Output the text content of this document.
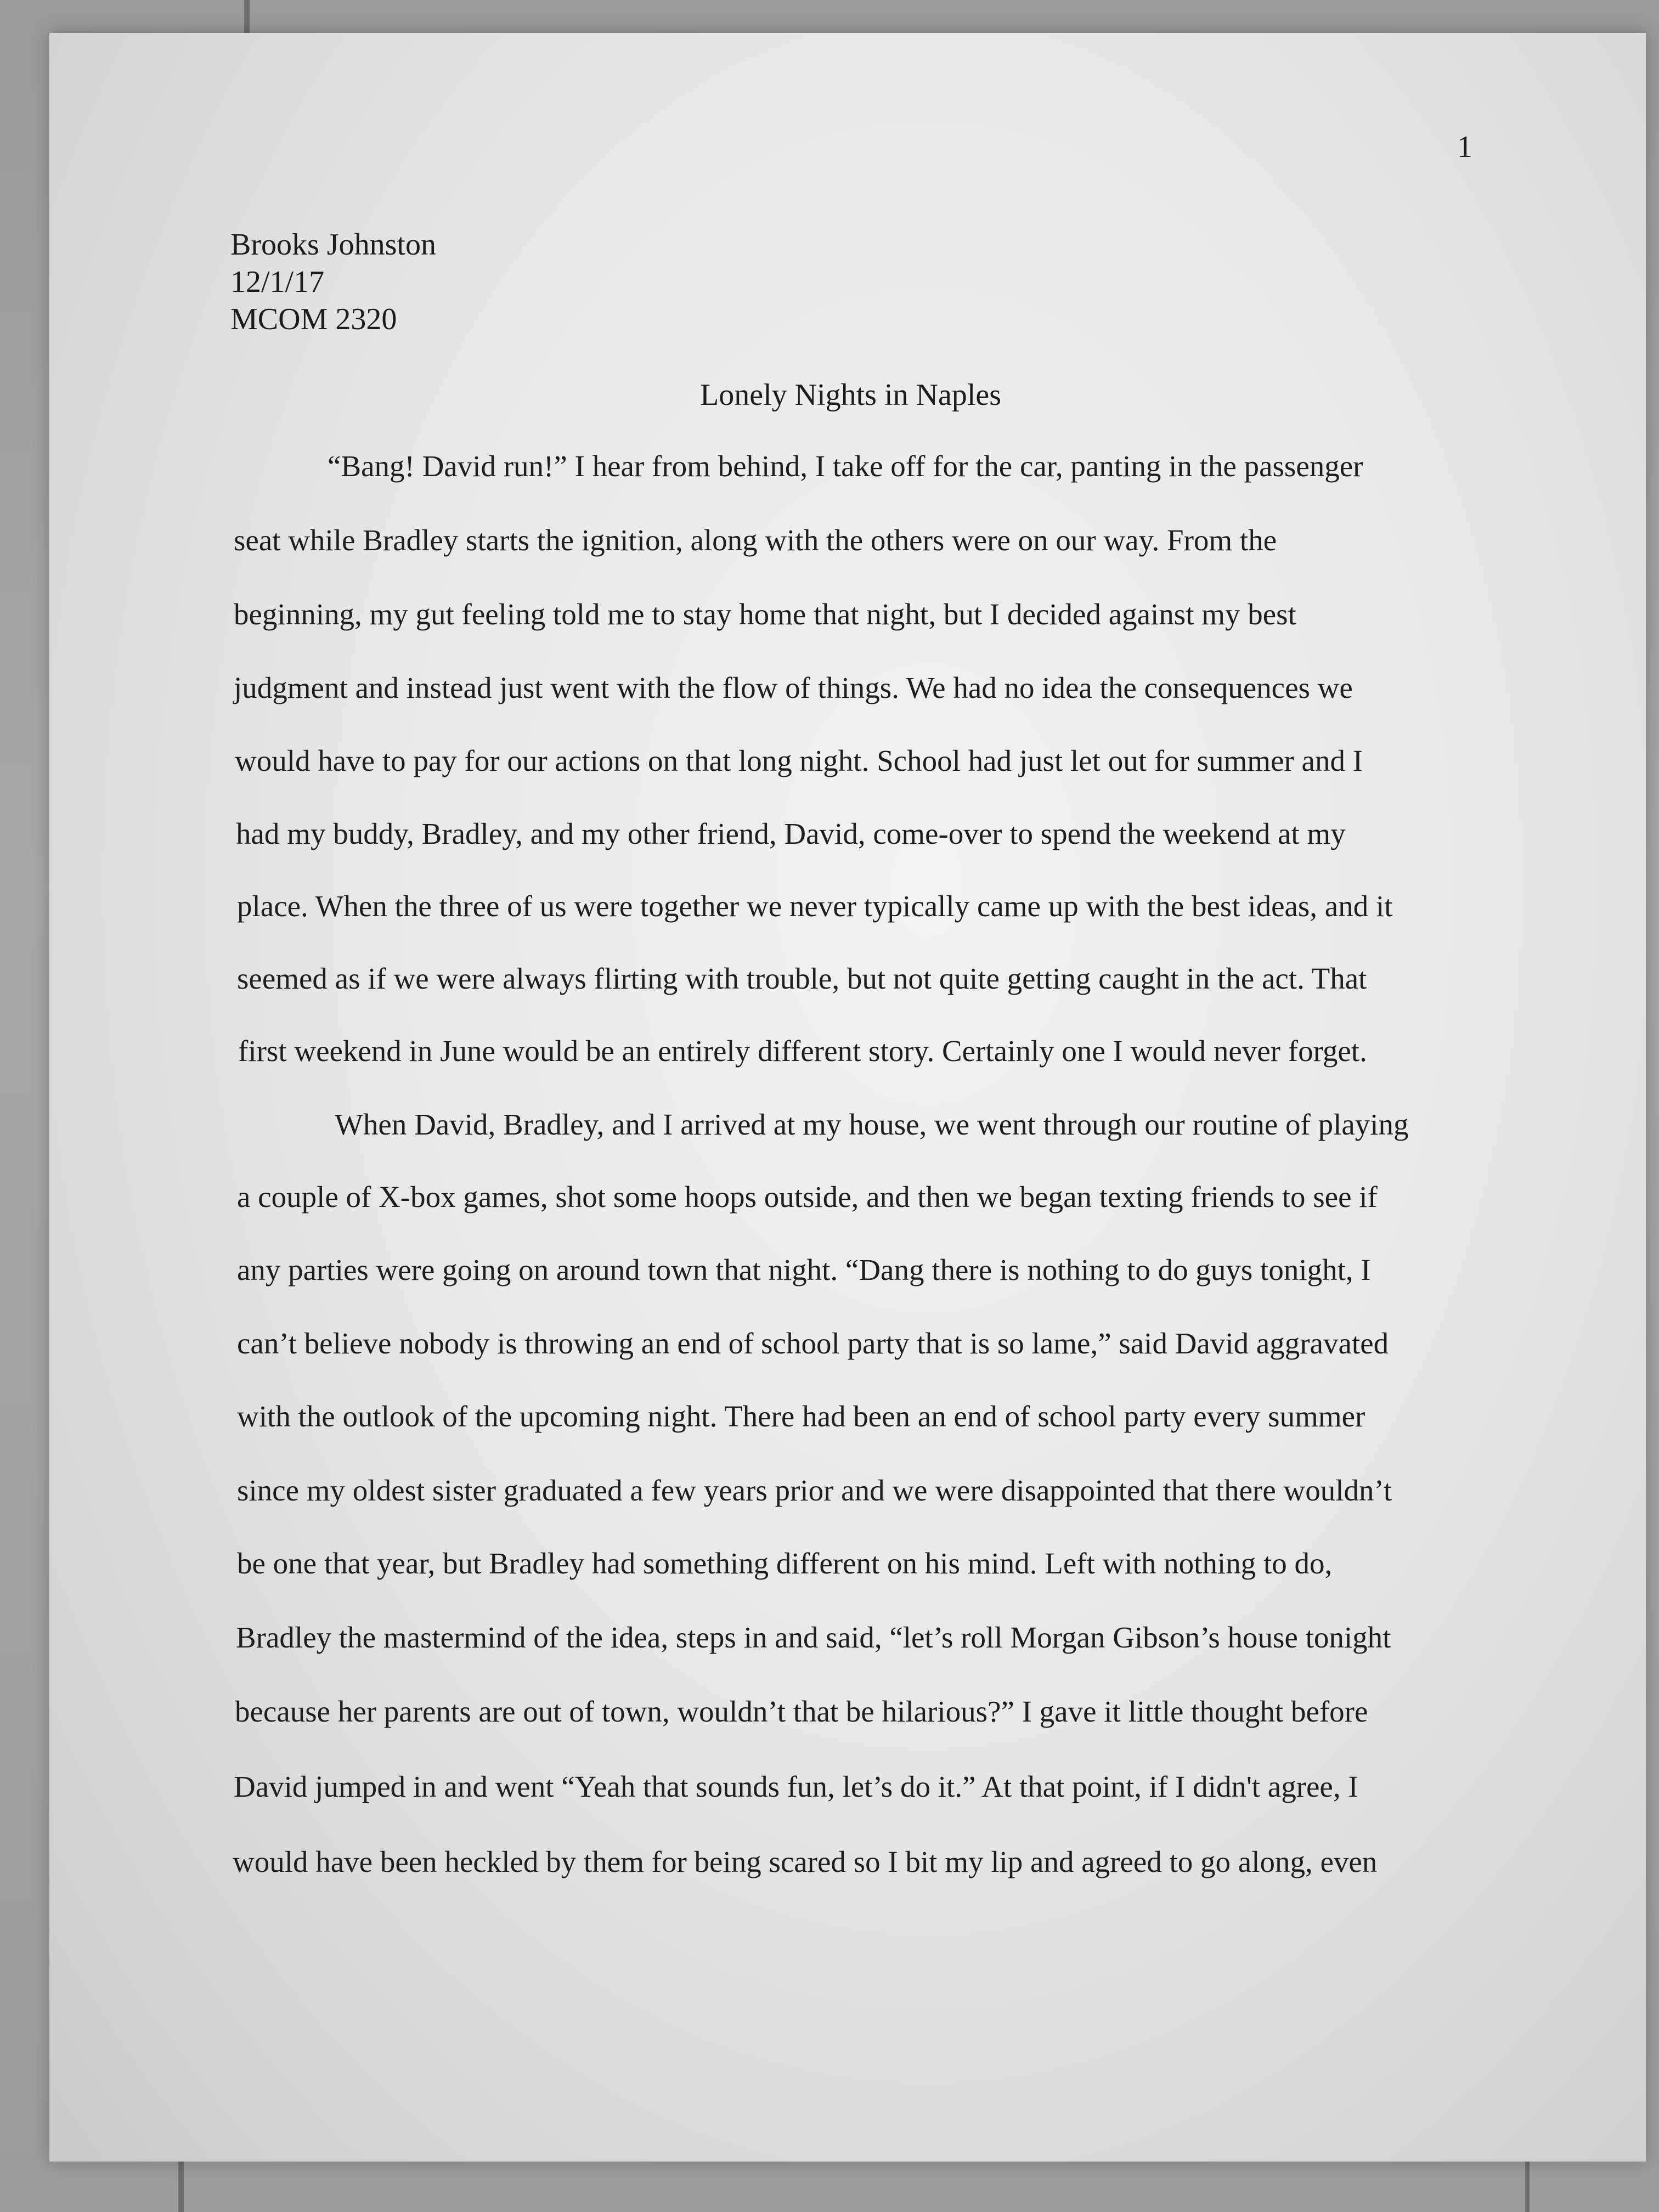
1
Brooks Johnston
12/1/17
MCOM 2320
Lonely Nights in Naples
“Bang! David run!” I hear from behind, I take off for the car, panting in the passenger
seat while Bradley starts the ignition, along with the others were on our way. From the
beginning, my gut feeling told me to stay home that night, but I decided against my best
judgment and instead just went with the flow of things. We had no idea the consequences we
would have to pay for our actions on that long night. School had just let out for summer and I
had my buddy, Bradley, and my other friend, David, come-over to spend the weekend at my
place. When the three of us were together we never typically came up with the best ideas, and it
seemed as if we were always flirting with trouble, but not quite getting caught in the act. That
first weekend in June would be an entirely different story. Certainly one I would never forget.
When David, Bradley, and I arrived at my house, we went through our routine of playing
a couple of X-box games, shot some hoops outside, and then we began texting friends to see if
any parties were going on around town that night. “Dang there is nothing to do guys tonight, I
can’t believe nobody is throwing an end of school party that is so lame,” said David aggravated
with the outlook of the upcoming night. There had been an end of school party every summer
since my oldest sister graduated a few years prior and we were disappointed that there wouldn’t
be one that year, but Bradley had something different on his mind. Left with nothing to do,
Bradley the mastermind of the idea, steps in and said, “let’s roll Morgan Gibson’s house tonight
because her parents are out of town, wouldn’t that be hilarious?” I gave it little thought before
David jumped in and went “Yeah that sounds fun, let’s do it.” At that point, if I didn't agree, I
would have been heckled by them for being scared so I bit my lip and agreed to go along, even
